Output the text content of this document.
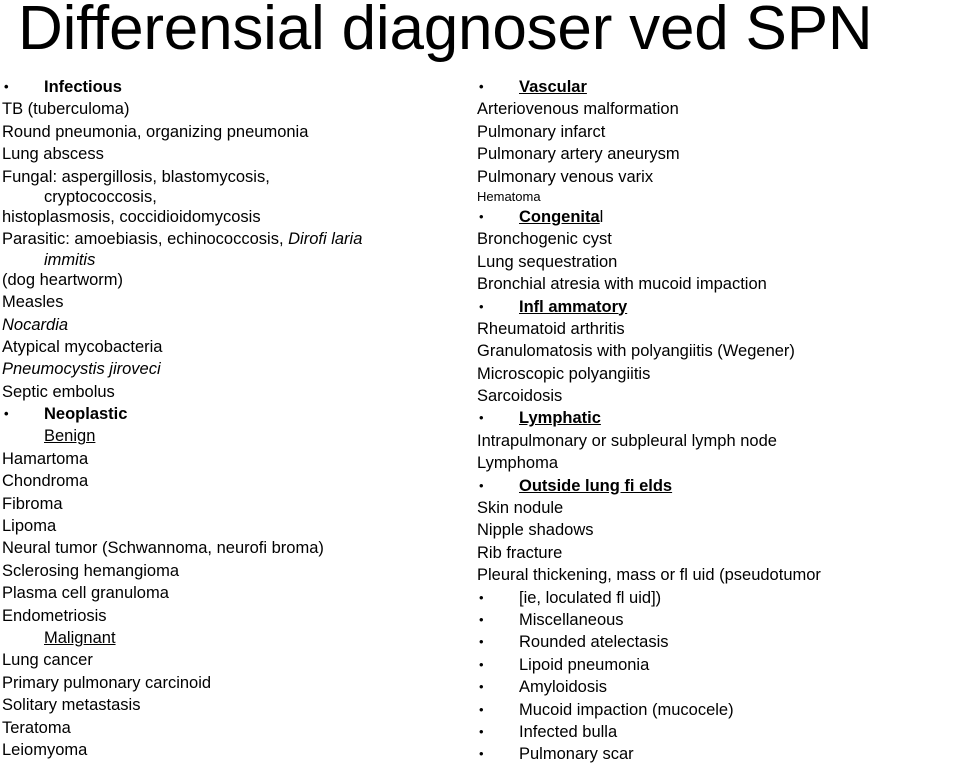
Differensial diagnoser ved SPN
• Infectious
TB (tuberculoma)
Round pneumonia, organizing pneumonia
Lung abscess
Fungal: aspergillosis, blastomycosis,
cryptococcosis,
histoplasmosis, coccidioidomycosis
Parasitic: amoebiasis, echinococcosis, Dirofi laria
immitis
(dog heartworm)
Measles
Nocardia
Atypical mycobacteria
Pneumocystis jiroveci
Septic embolus
• Neoplastic
Benign
Hamartoma
Chondroma
Fibroma
Lipoma
Neural tumor (Schwannoma, neurofi broma)
Sclerosing hemangioma
Plasma cell granuloma
Endometriosis
Malignant
Lung cancer
Primary pulmonary carcinoid
Solitary metastasis
Teratoma
Leiomyoma
• Vascular
Arteriovenous malformation
Pulmonary infarct
Pulmonary artery aneurysm
Pulmonary venous varix
Hematoma
• Congenital
Bronchogenic cyst
Lung sequestration
Bronchial atresia with mucoid impaction
• Infl ammatory
Rheumatoid arthritis
Granulomatosis with polyangiitis (Wegener)
Microscopic polyangiitis
Sarcoidosis
• Lymphatic
Intrapulmonary or subpleural lymph node
Lymphoma
• Outside lung fi elds
Skin nodule
Nipple shadows
Rib fracture
Pleural thickening, mass or fl uid (pseudotumor
• [ie, loculated fl uid])
• Miscellaneous
• Rounded atelectasis
• Lipoid pneumonia
• Amyloidosis
• Mucoid impaction (mucocele)
• Infected bulla
• Pulmonary scar
